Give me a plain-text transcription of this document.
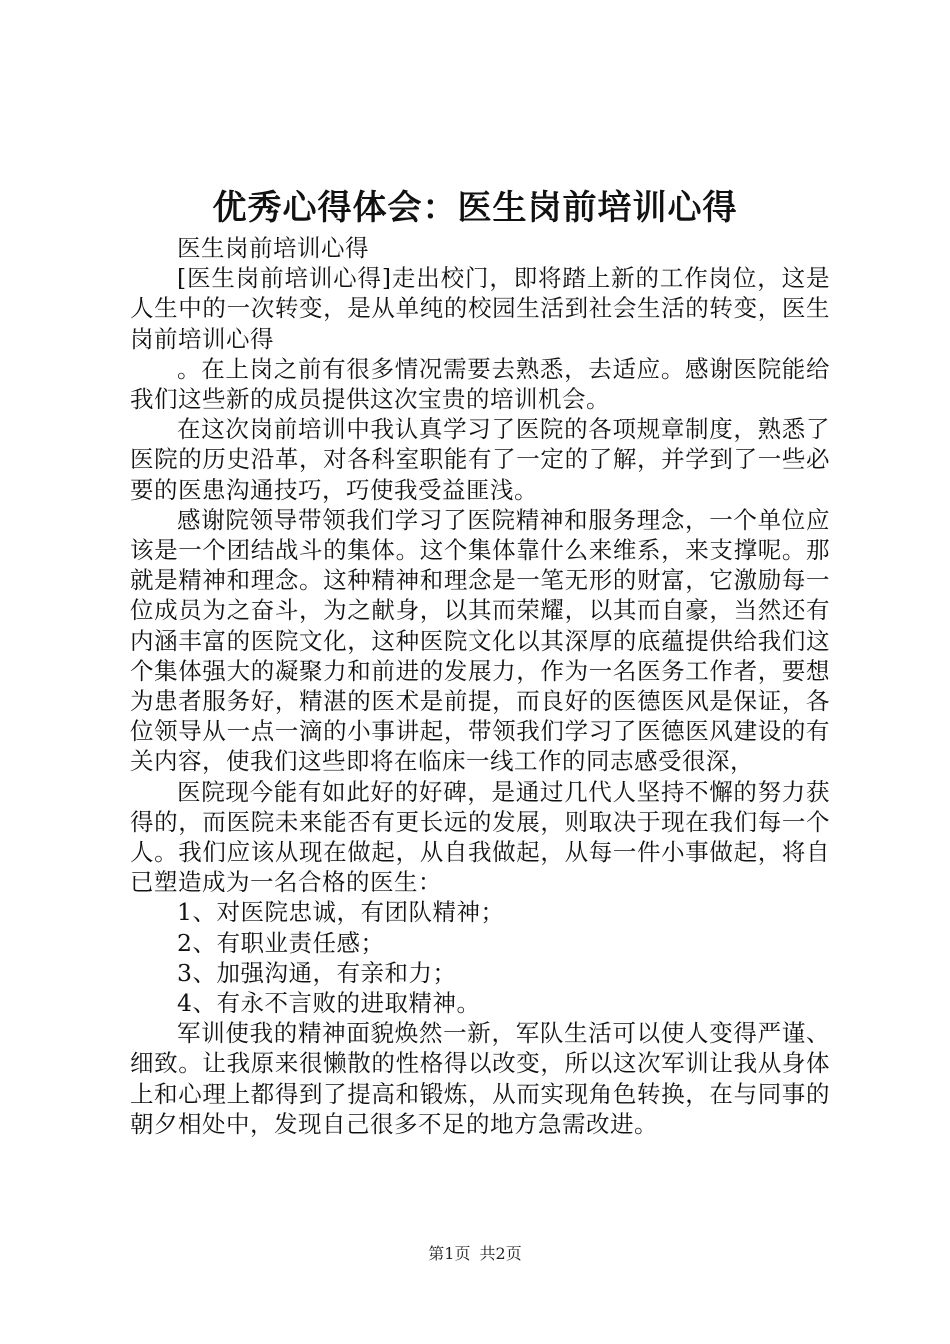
优秀心得体会：医生岗前培训心得

医生岗前培训心得

[医生岗前培训心得]走出校门，即将踏上新的工作岗位，这是人生中的一次转变，是从单纯的校园生活到社会生活的转变，医生岗前培训心得

。在上岗之前有很多情况需要去熟悉，去适应。感谢医院能给我们这些新的成员提供这次宝贵的培训机会。

在这次岗前培训中我认真学习了医院的各项规章制度，熟悉了医院的历史沿革，对各科室职能有了一定的了解，并学到了一些必要的医患沟通技巧，巧使我受益匪浅。

感谢院领导带领我们学习了医院精神和服务理念，一个单位应该是一个团结战斗的集体。这个集体靠什么来维系，来支撑呢。那就是精神和理念。这种精神和理念是一笔无形的财富，它激励每一位成员为之奋斗，为之献身，以其而荣耀，以其而自豪，当然还有内涵丰富的医院文化，这种医院文化以其深厚的底蕴提供给我们这个集体强大的凝聚力和前进的发展力，作为一名医务工作者，要想为患者服务好，精湛的医术是前提，而良好的医德医风是保证，各位领导从一点一滴的小事讲起，带领我们学习了医德医风建设的有关内容，使我们这些即将在临床一线工作的同志感受很深，

医院现今能有如此好的好碑，是通过几代人坚持不懈的努力获得的，而医院未来能否有更长远的发展，则取决于现在我们每一个人。我们应该从现在做起，从自我做起，从每一件小事做起，将自已塑造成为一名合格的医生：

1、对医院忠诚，有团队精神；

2、有职业责任感；

3、加强沟通，有亲和力；

4、有永不言败的进取精神。

军训使我的精神面貌焕然一新，军队生活可以使人变得严谨、细致。让我原来很懒散的性格得以改变，所以这次军训让我从身体上和心理上都得到了提高和锻炼，从而实现角色转换，在与同事的朝夕相处中，发现自己很多不足的地方急需改进。

第1页 共2页
